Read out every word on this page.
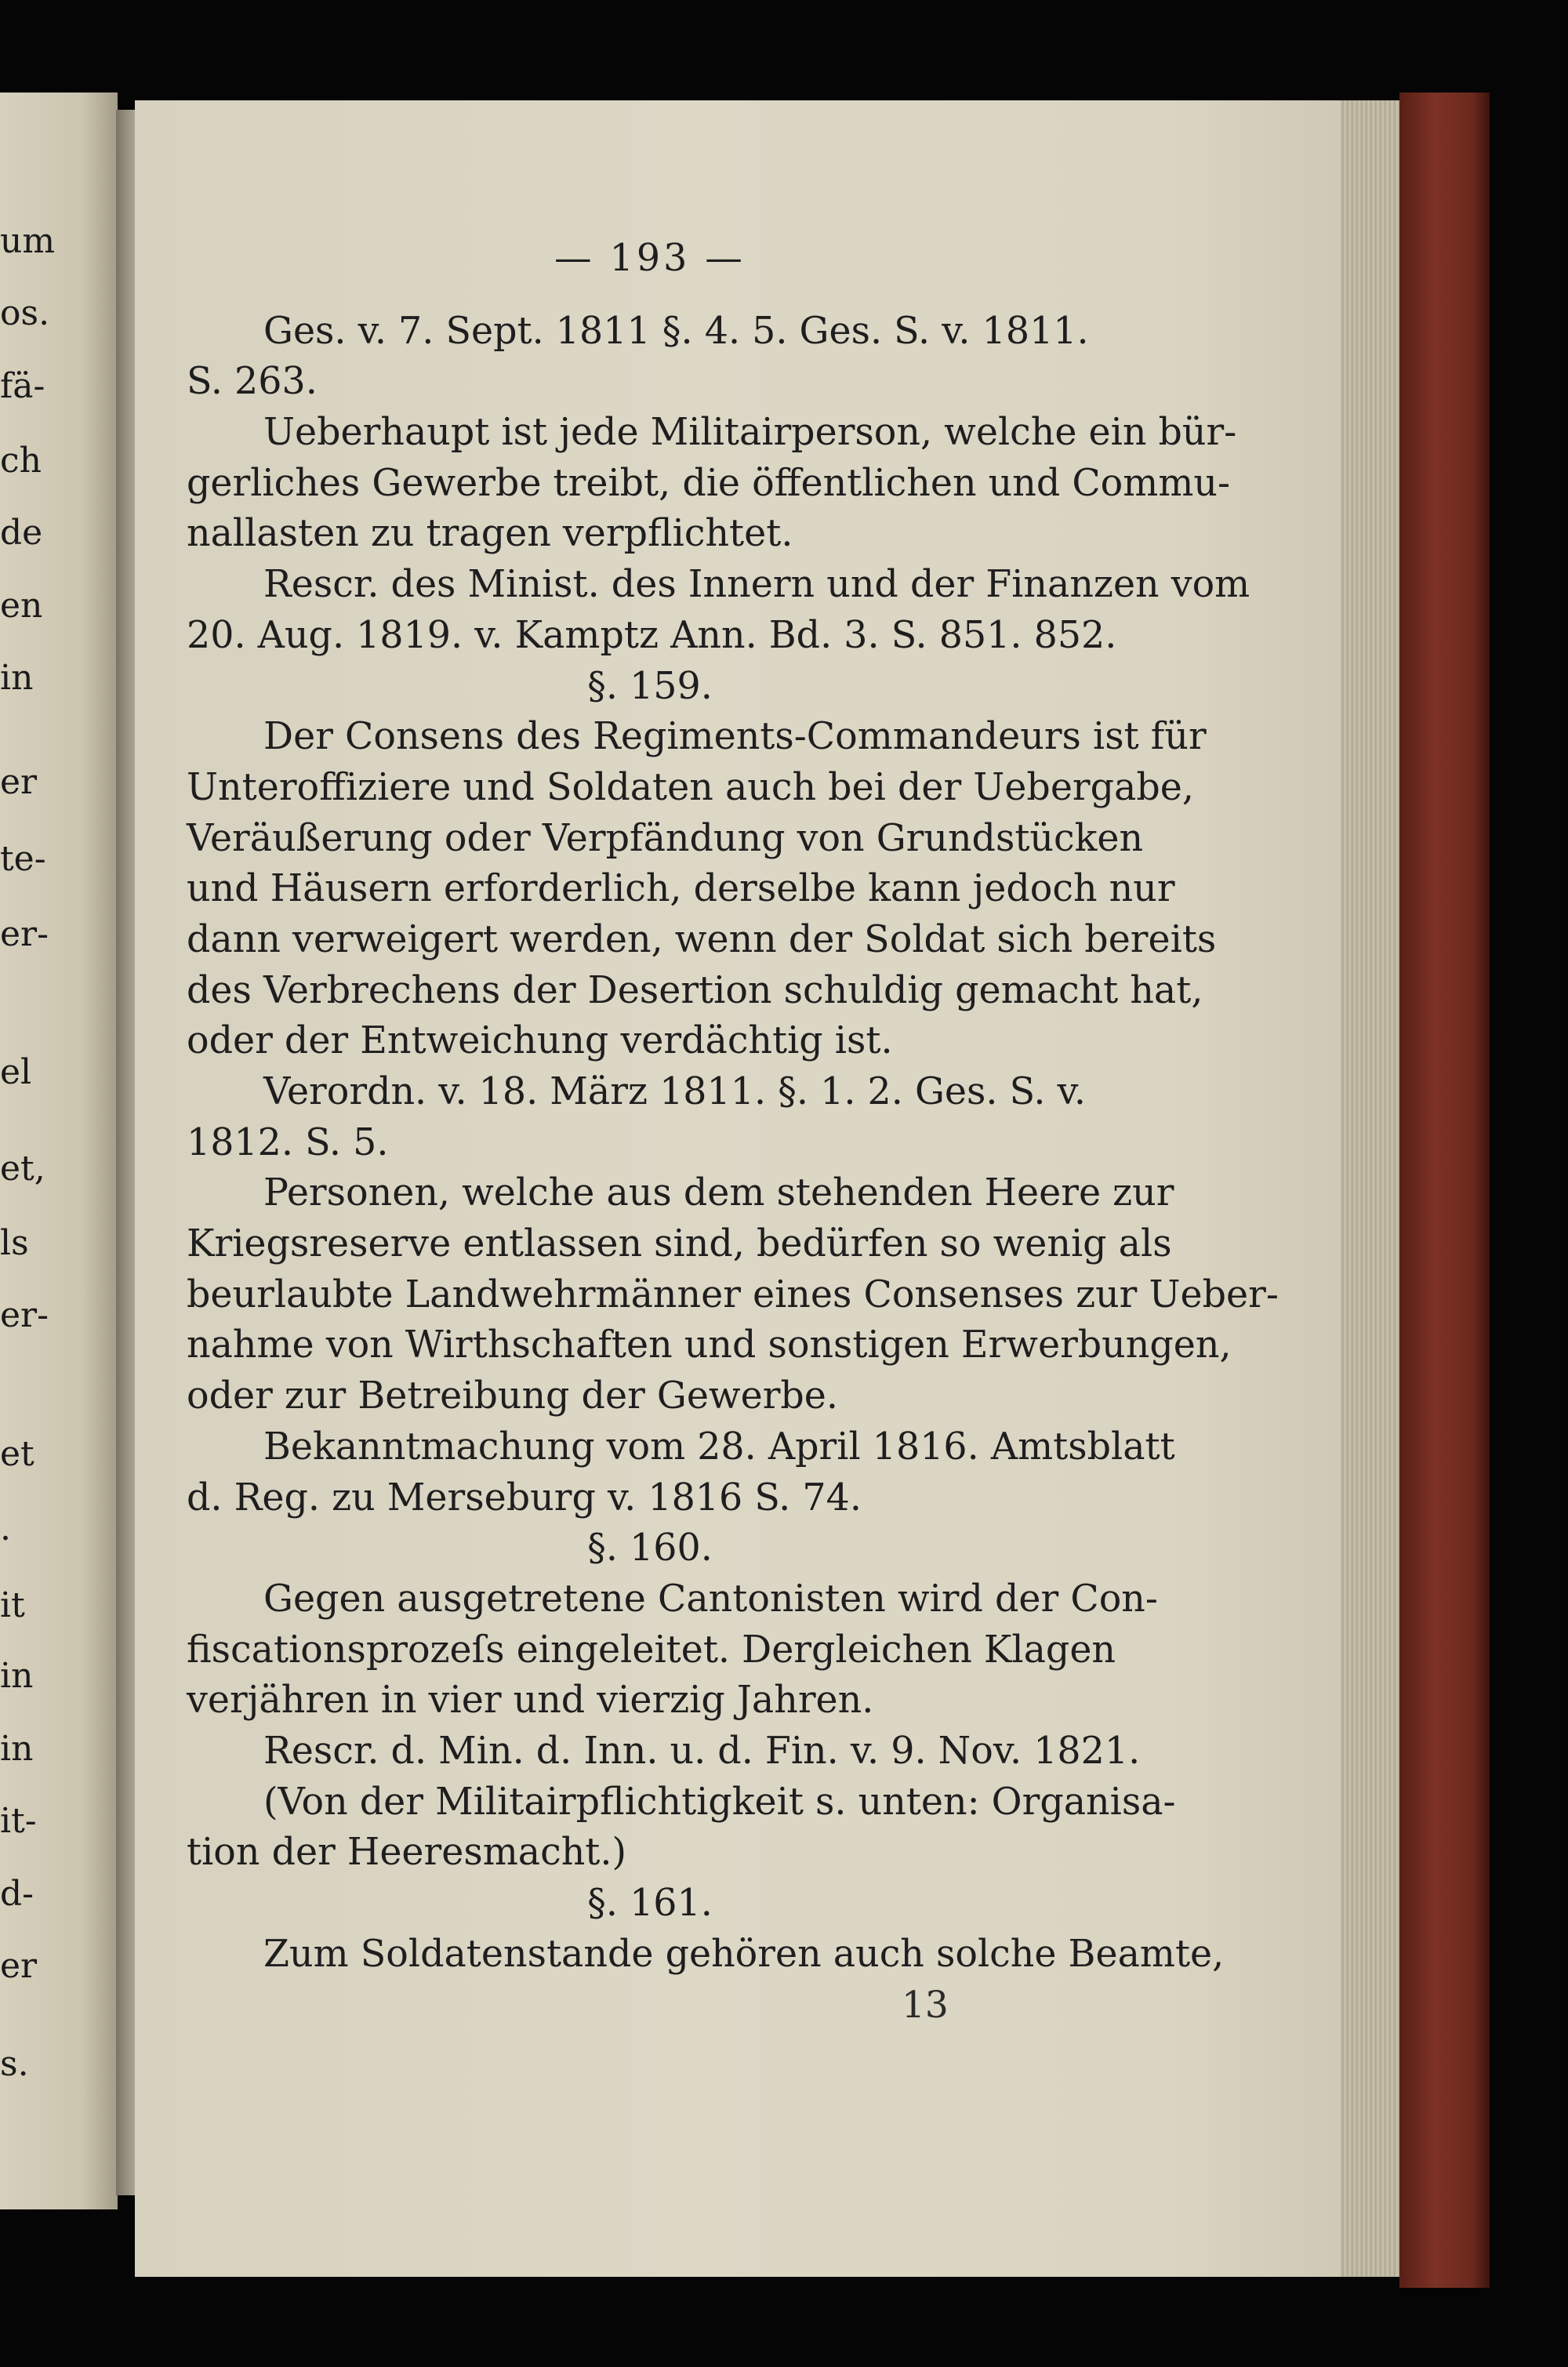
um
os.
fä-
ch
de
en
in
er
te-
er-
el
et,
ls
er-
et
.
it
in
in
it-
d-
er
s.
— 193 —
Ges. v. 7. Sept. 1811 §. 4. 5. Ges. S. v. 1811.
S. 263.
Ueberhaupt ist jede Militairperson, welche ein bür-
gerliches Gewerbe treibt, die öffentlichen und Commu-
nallasten zu tragen verpflichtet.
Rescr. des Minist. des Innern und der Finanzen vom
20. Aug. 1819. v. Kamptz Ann. Bd. 3. S. 851. 852.
§. 159.
Der Consens des Regiments-Commandeurs ist für
Unteroffiziere und Soldaten auch bei der Uebergabe,
Veräußerung oder Verpfändung von Grundstücken
und Häusern erforderlich, derselbe kann jedoch nur
dann verweigert werden, wenn der Soldat sich bereits
des Verbrechens der Desertion schuldig gemacht hat,
oder der Entweichung verdächtig ist.
Verordn. v. 18. März 1811. §. 1. 2. Ges. S. v.
1812. S. 5.
Personen, welche aus dem stehenden Heere zur
Kriegsreserve entlassen sind, bedürfen so wenig als
beurlaubte Landwehrmänner eines Consenses zur Ueber-
nahme von Wirthschaften und sonstigen Erwerbungen,
oder zur Betreibung der Gewerbe.
Bekanntmachung vom 28. April 1816. Amtsblatt
d. Reg. zu Merseburg v. 1816 S. 74.
§. 160.
Gegen ausgetretene Cantonisten wird der Con-
fiscationsprozeſs eingeleitet. Dergleichen Klagen
verjähren in vier und vierzig Jahren.
Rescr. d. Min. d. Inn. u. d. Fin. v. 9. Nov. 1821.
(Von der Militairpflichtigkeit s. unten: Organisa-
tion der Heeresmacht.)
§. 161.
Zum Soldatenstande gehören auch solche Beamte,
13
